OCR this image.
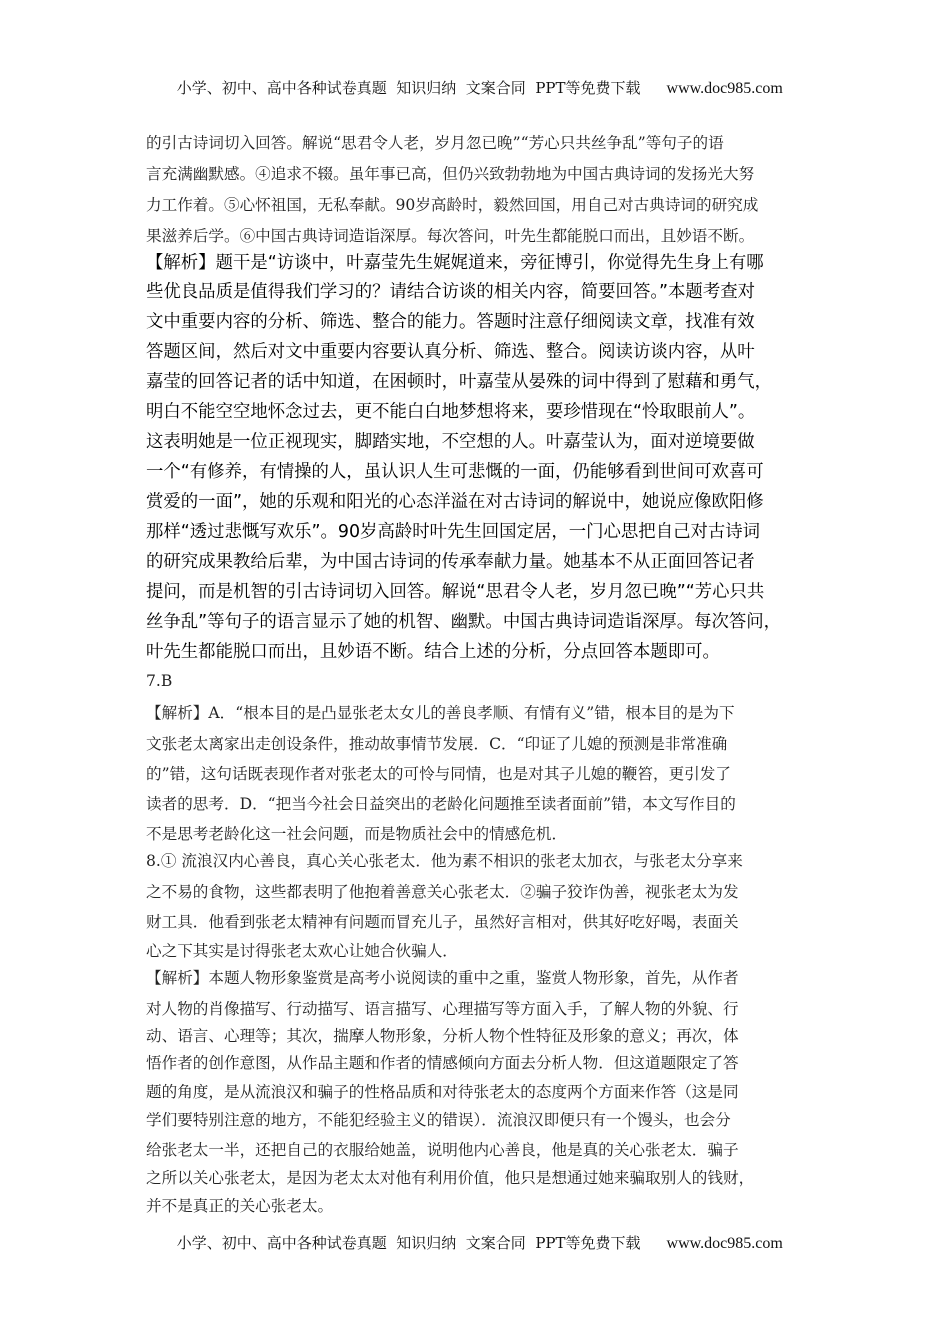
小学、初中、高中各种试卷真题  知识归纳  文案合同  PPT等免费下载 www.doc985.com

的引古诗词切入回答。解说“思君令人老，岁月忽已晚”“芳心只共丝争乱”等句子的语
言充满幽默感。④追求不辍。虽年事已高，但仍兴致勃勃地为中国古典诗词的发扬光大努
力工作着。⑤心怀祖国，无私奉献。90岁高龄时，毅然回国，用自己对古典诗词的研究成
果滋养后学。⑥中国古典诗词造诣深厚。每次答问，叶先生都能脱口而出，且妙语不断。
【解析】题干是“访谈中，叶嘉莹先生娓娓道来，旁征博引，你觉得先生身上有哪
些优良品质是值得我们学习的？请结合访谈的相关内容，简要回答。”本题考查对
文中重要内容的分析、筛选、整合的能力。答题时注意仔细阅读文章，找准有效
答题区间，然后对文中重要内容要认真分析、筛选、整合。阅读访谈内容，从叶
嘉莹的回答记者的话中知道，在困顿时，叶嘉莹从晏殊的词中得到了慰藉和勇气，
明白不能空空地怀念过去，更不能白白地梦想将来，要珍惜现在“怜取眼前人”。
这表明她是一位正视现实，脚踏实地，不空想的人。叶嘉莹认为，面对逆境要做
一个“有修养，有情操的人，虽认识人生可悲慨的一面，仍能够看到世间可欢喜可
赏爱的一面”，她的乐观和阳光的心态洋溢在对古诗词的解说中，她说应像欧阳修
那样“透过悲慨写欢乐”。90岁高龄时叶先生回国定居，一门心思把自己对古诗词
的研究成果教给后辈，为中国古诗词的传承奉献力量。她基本不从正面回答记者
提问，而是机智的引古诗词切入回答。解说“思君令人老，岁月忽已晚”“芳心只共
丝争乱”等句子的语言显示了她的机智、幽默。中国古典诗词造诣深厚。每次答问，
叶先生都能脱口而出，且妙语不断。结合上述的分析，分点回答本题即可。
7.B
【解析】A．“根本目的是凸显张老太女儿的善良孝顺、有情有义”错，根本目的是为下
文张老太离家出走创设条件，推动故事情节发展．C．“印证了儿媳的预测是非常准确
的”错，这句话既表现作者对张老太的可怜与同情，也是对其子儿媳的鞭笞，更引发了
读者的思考．D．“把当今社会日益突出的老龄化问题推至读者面前”错，本文写作目的
不是思考老龄化这一社会问题，而是物质社会中的情感危机．
8.① 流浪汉内心善良，真心关心张老太．他为素不相识的张老太加衣，与张老太分享来
之不易的食物，这些都表明了他抱着善意关心张老太．②骗子狡诈伪善，视张老太为发
财工具．他看到张老太精神有问题而冒充儿子，虽然好言相对，供其好吃好喝，表面关
心之下其实是讨得张老太欢心让她合伙骗人．
【解析】本题人物形象鉴赏是高考小说阅读的重中之重，鉴赏人物形象，首先，从作者
对人物的肖像描写、行动描写、语言描写、心理描写等方面入手，了解人物的外貌、行
动、语言、心理等；其次，揣摩人物形象，分析人物个性特征及形象的意义；再次，体
悟作者的创作意图，从作品主题和作者的情感倾向方面去分析人物．但这道题限定了答
题的角度，是从流浪汉和骗子的性格品质和对待张老太的态度两个方面来作答（这是同
学们要特别注意的地方，不能犯经验主义的错误）．流浪汉即便只有一个馒头，也会分
给张老太一半，还把自己的衣服给她盖，说明他内心善良，他是真的关心张老太．骗子
之所以关心张老太，是因为老太太对他有利用价值，他只是想通过她来骗取别人的钱财，
并不是真正的关心张老太。

小学、初中、高中各种试卷真题  知识归纳  文案合同  PPT等免费下载 www.doc985.com
